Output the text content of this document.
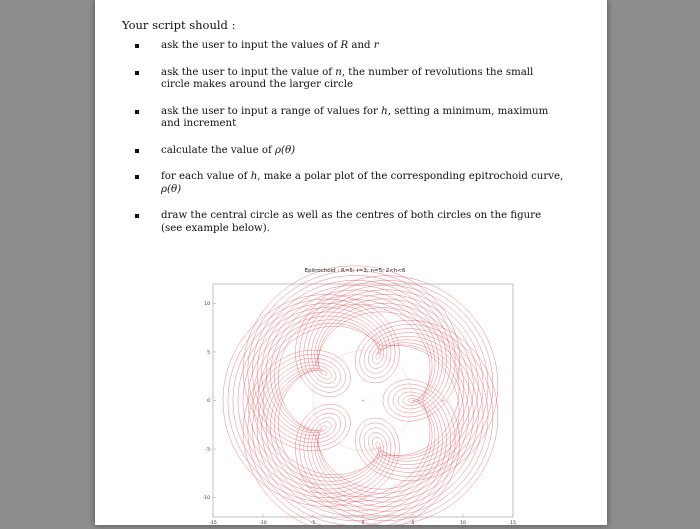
Your script should :
ask the user to input the values of R and r
ask the user to input the value of n, the number of revolutions the small circle makes around the larger circle
ask the user to input a range of values for h, setting a minimum, maximum and increment
calculate the value of ρ(θ)
for each value of h, make a polar plot of the corresponding epitrochoid curve, ρ(θ)
draw the central circle as well as the centres of both circles on the figure (see example below).
Epitrochoid : R=5; r=3; n=5; 2<h<6
-15	-10	-5	0	5	10	15
-10
-5
0
5
10
